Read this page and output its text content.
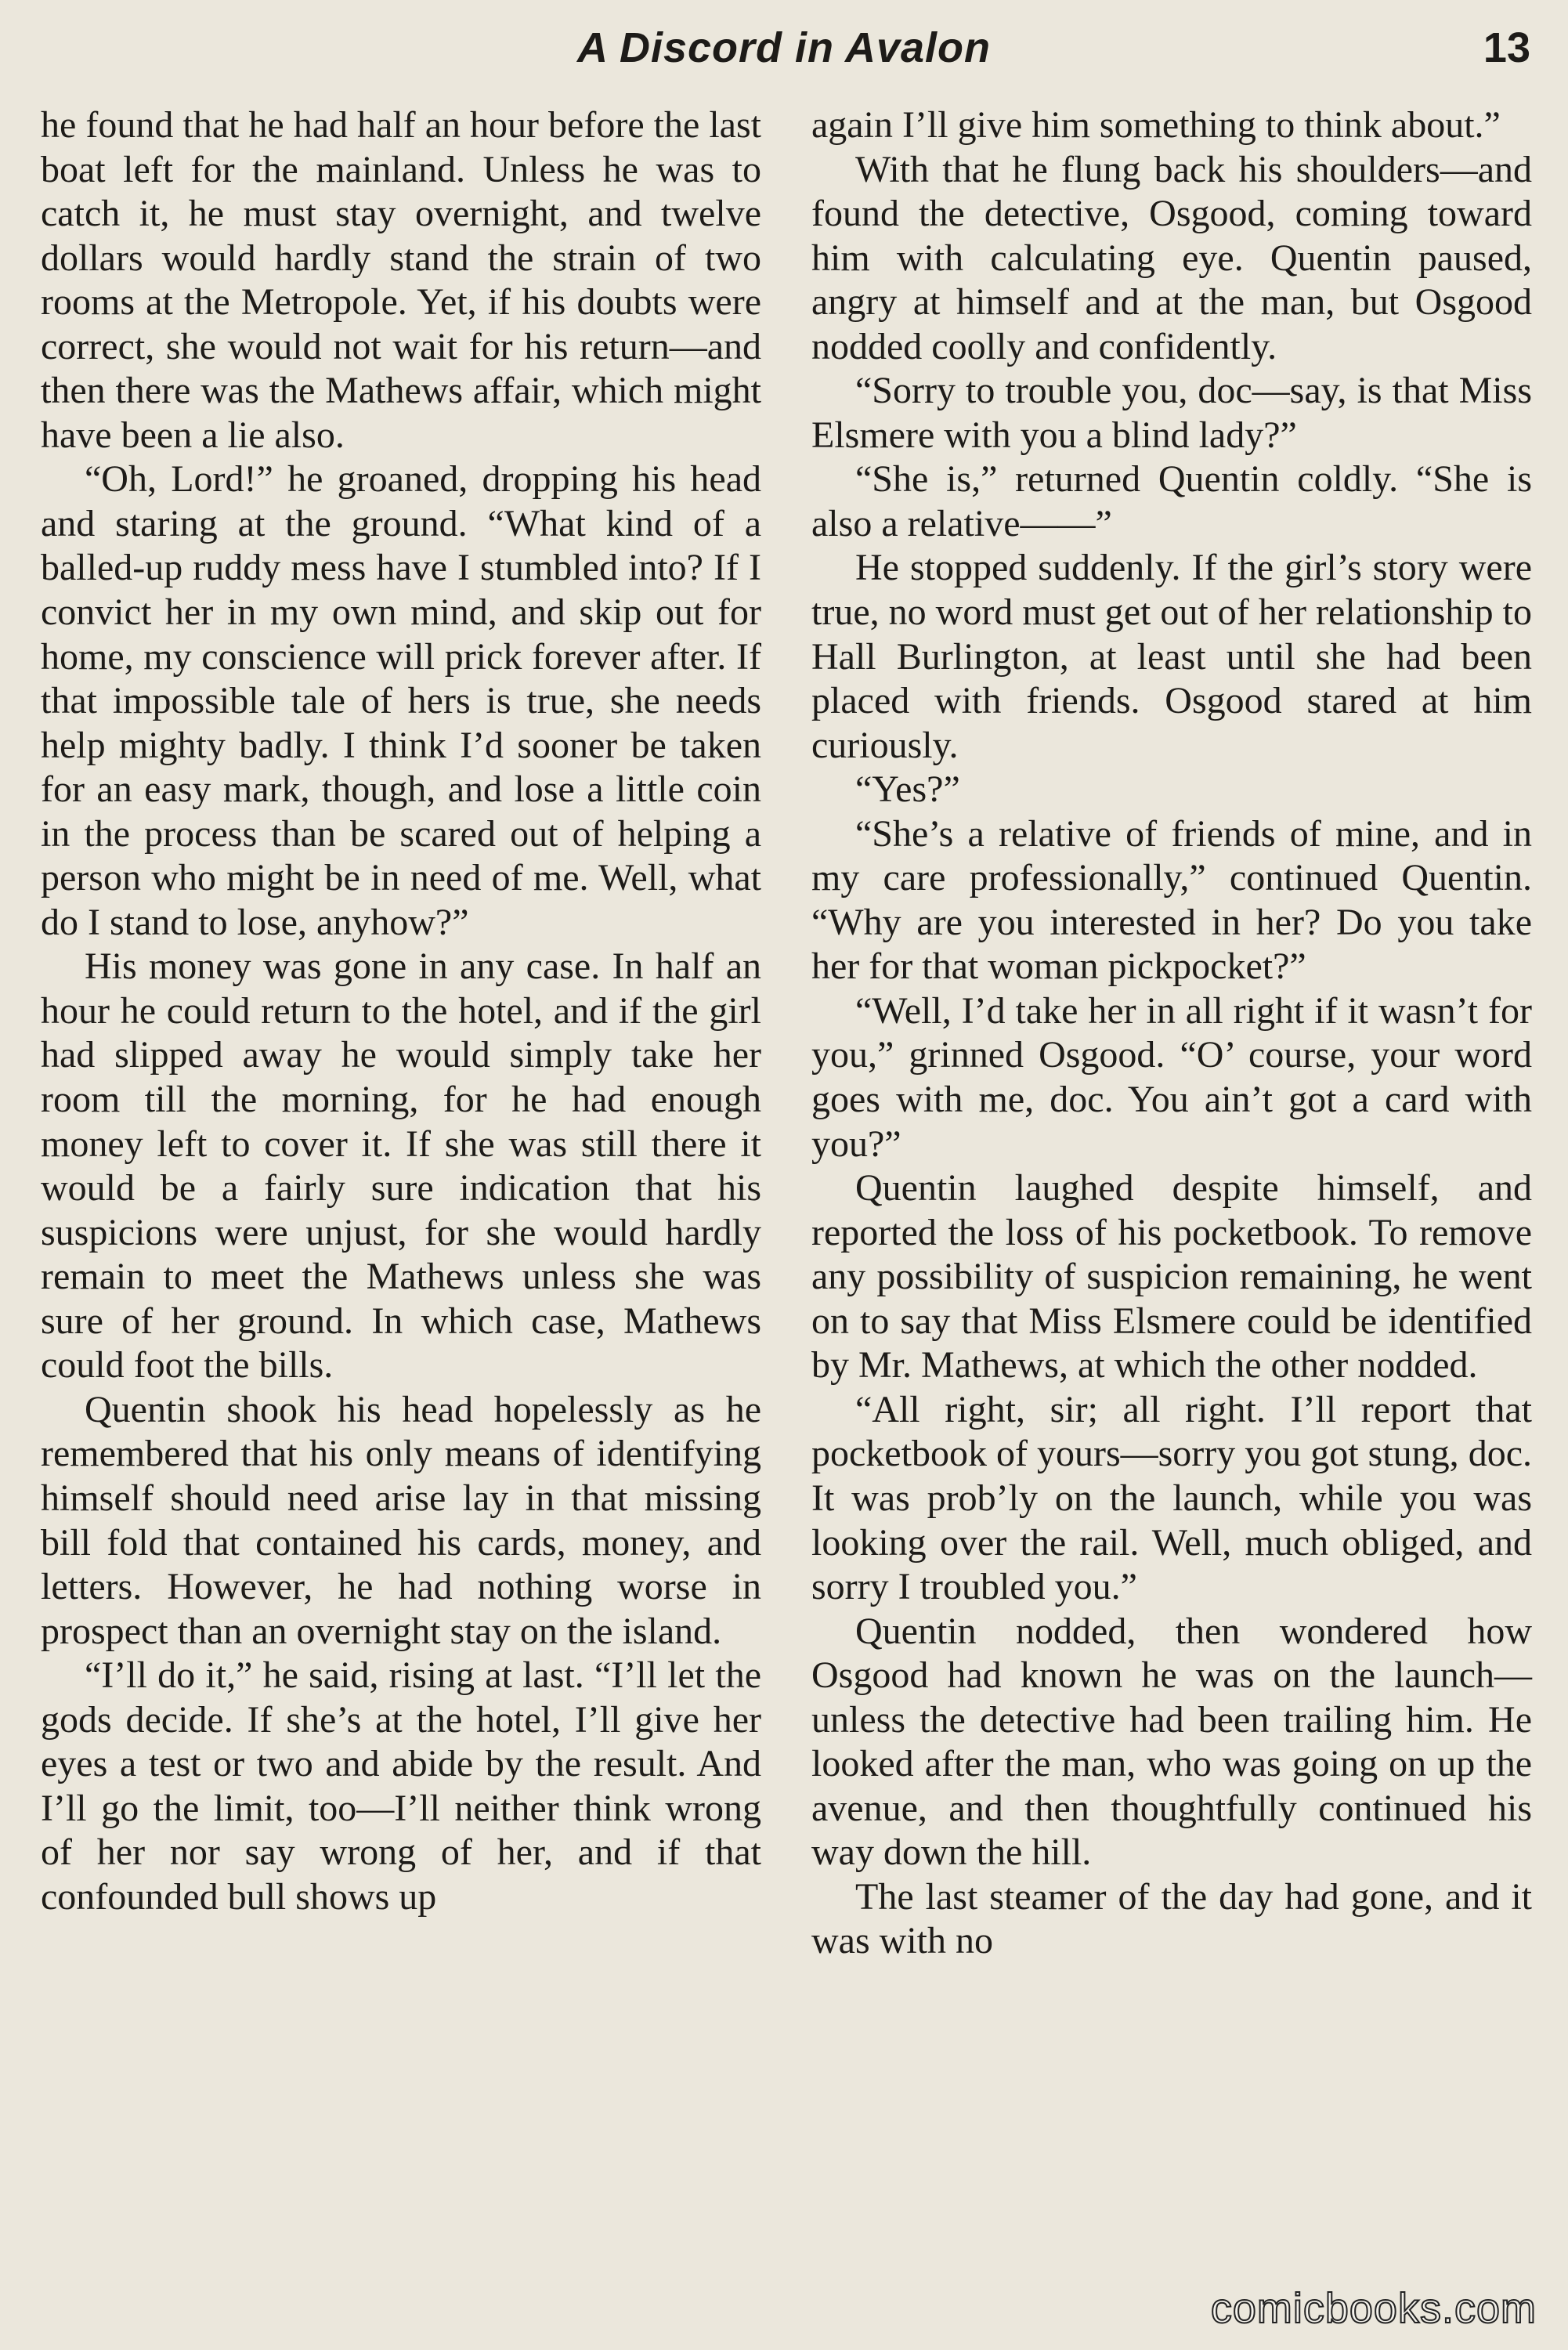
A Discord in Avalon	13

he found that he had half an hour before the last boat left for the mainland. Unless he was to catch it, he must stay overnight, and twelve dollars would hardly stand the strain of two rooms at the Metropole. Yet, if his doubts were correct, she would not wait for his return—and then there was the Mathews affair, which might have been a lie also.

“Oh, Lord!” he groaned, dropping his head and staring at the ground. “What kind of a balled-up ruddy mess have I stumbled into? If I convict her in my own mind, and skip out for home, my conscience will prick forever after. If that impossible tale of hers is true, she needs help mighty badly. I think I’d sooner be taken for an easy mark, though, and lose a little coin in the process than be scared out of helping a person who might be in need of me. Well, what do I stand to lose, anyhow?”

His money was gone in any case. In half an hour he could return to the hotel, and if the girl had slipped away he would simply take her room till the morning, for he had enough money left to cover it. If she was still there it would be a fairly sure indication that his suspicions were unjust, for she would hardly remain to meet the Mathews unless she was sure of her ground. In which case, Mathews could foot the bills.

Quentin shook his head hopelessly as he remembered that his only means of identifying himself should need arise lay in that missing bill fold that contained his cards, money, and letters. However, he had nothing worse in prospect than an overnight stay on the island.

“I’ll do it,” he said, rising at last. “I’ll let the gods decide. If she’s at the hotel, I’ll give her eyes a test or two and abide by the result. And I’ll go the limit, too—I’ll neither think wrong of her nor say wrong of her, and if that confounded bull shows up

again I’ll give him something to think about.”

With that he flung back his shoulders—and found the detective, Osgood, coming toward him with calculating eye. Quentin paused, angry at himself and at the man, but Osgood nodded coolly and confidently.

“Sorry to trouble you, doc—say, is that Miss Elsmere with you a blind lady?”

“She is,” returned Quentin coldly. “She is also a relative——”

He stopped suddenly. If the girl’s story were true, no word must get out of her relationship to Hall Burlington, at least until she had been placed with friends. Osgood stared at him curiously.

“Yes?”

“She’s a relative of friends of mine, and in my care professionally,” continued Quentin. “Why are you interested in her? Do you take her for that woman pickpocket?”

“Well, I’d take her in all right if it wasn’t for you,” grinned Osgood. “O’ course, your word goes with me, doc. You ain’t got a card with you?”

Quentin laughed despite himself, and reported the loss of his pocketbook. To remove any possibility of suspicion remaining, he went on to say that Miss Elsmere could be identified by Mr. Mathews, at which the other nodded.

“All right, sir; all right. I’ll report that pocketbook of yours—sorry you got stung, doc. It was prob’ly on the launch, while you was looking over the rail. Well, much obliged, and sorry I troubled you.”

Quentin nodded, then wondered how Osgood had known he was on the launch—unless the detective had been trailing him. He looked after the man, who was going on up the avenue, and then thoughtfully continued his way down the hill.

The last steamer of the day had gone, and it was with no

comicbooks.com
